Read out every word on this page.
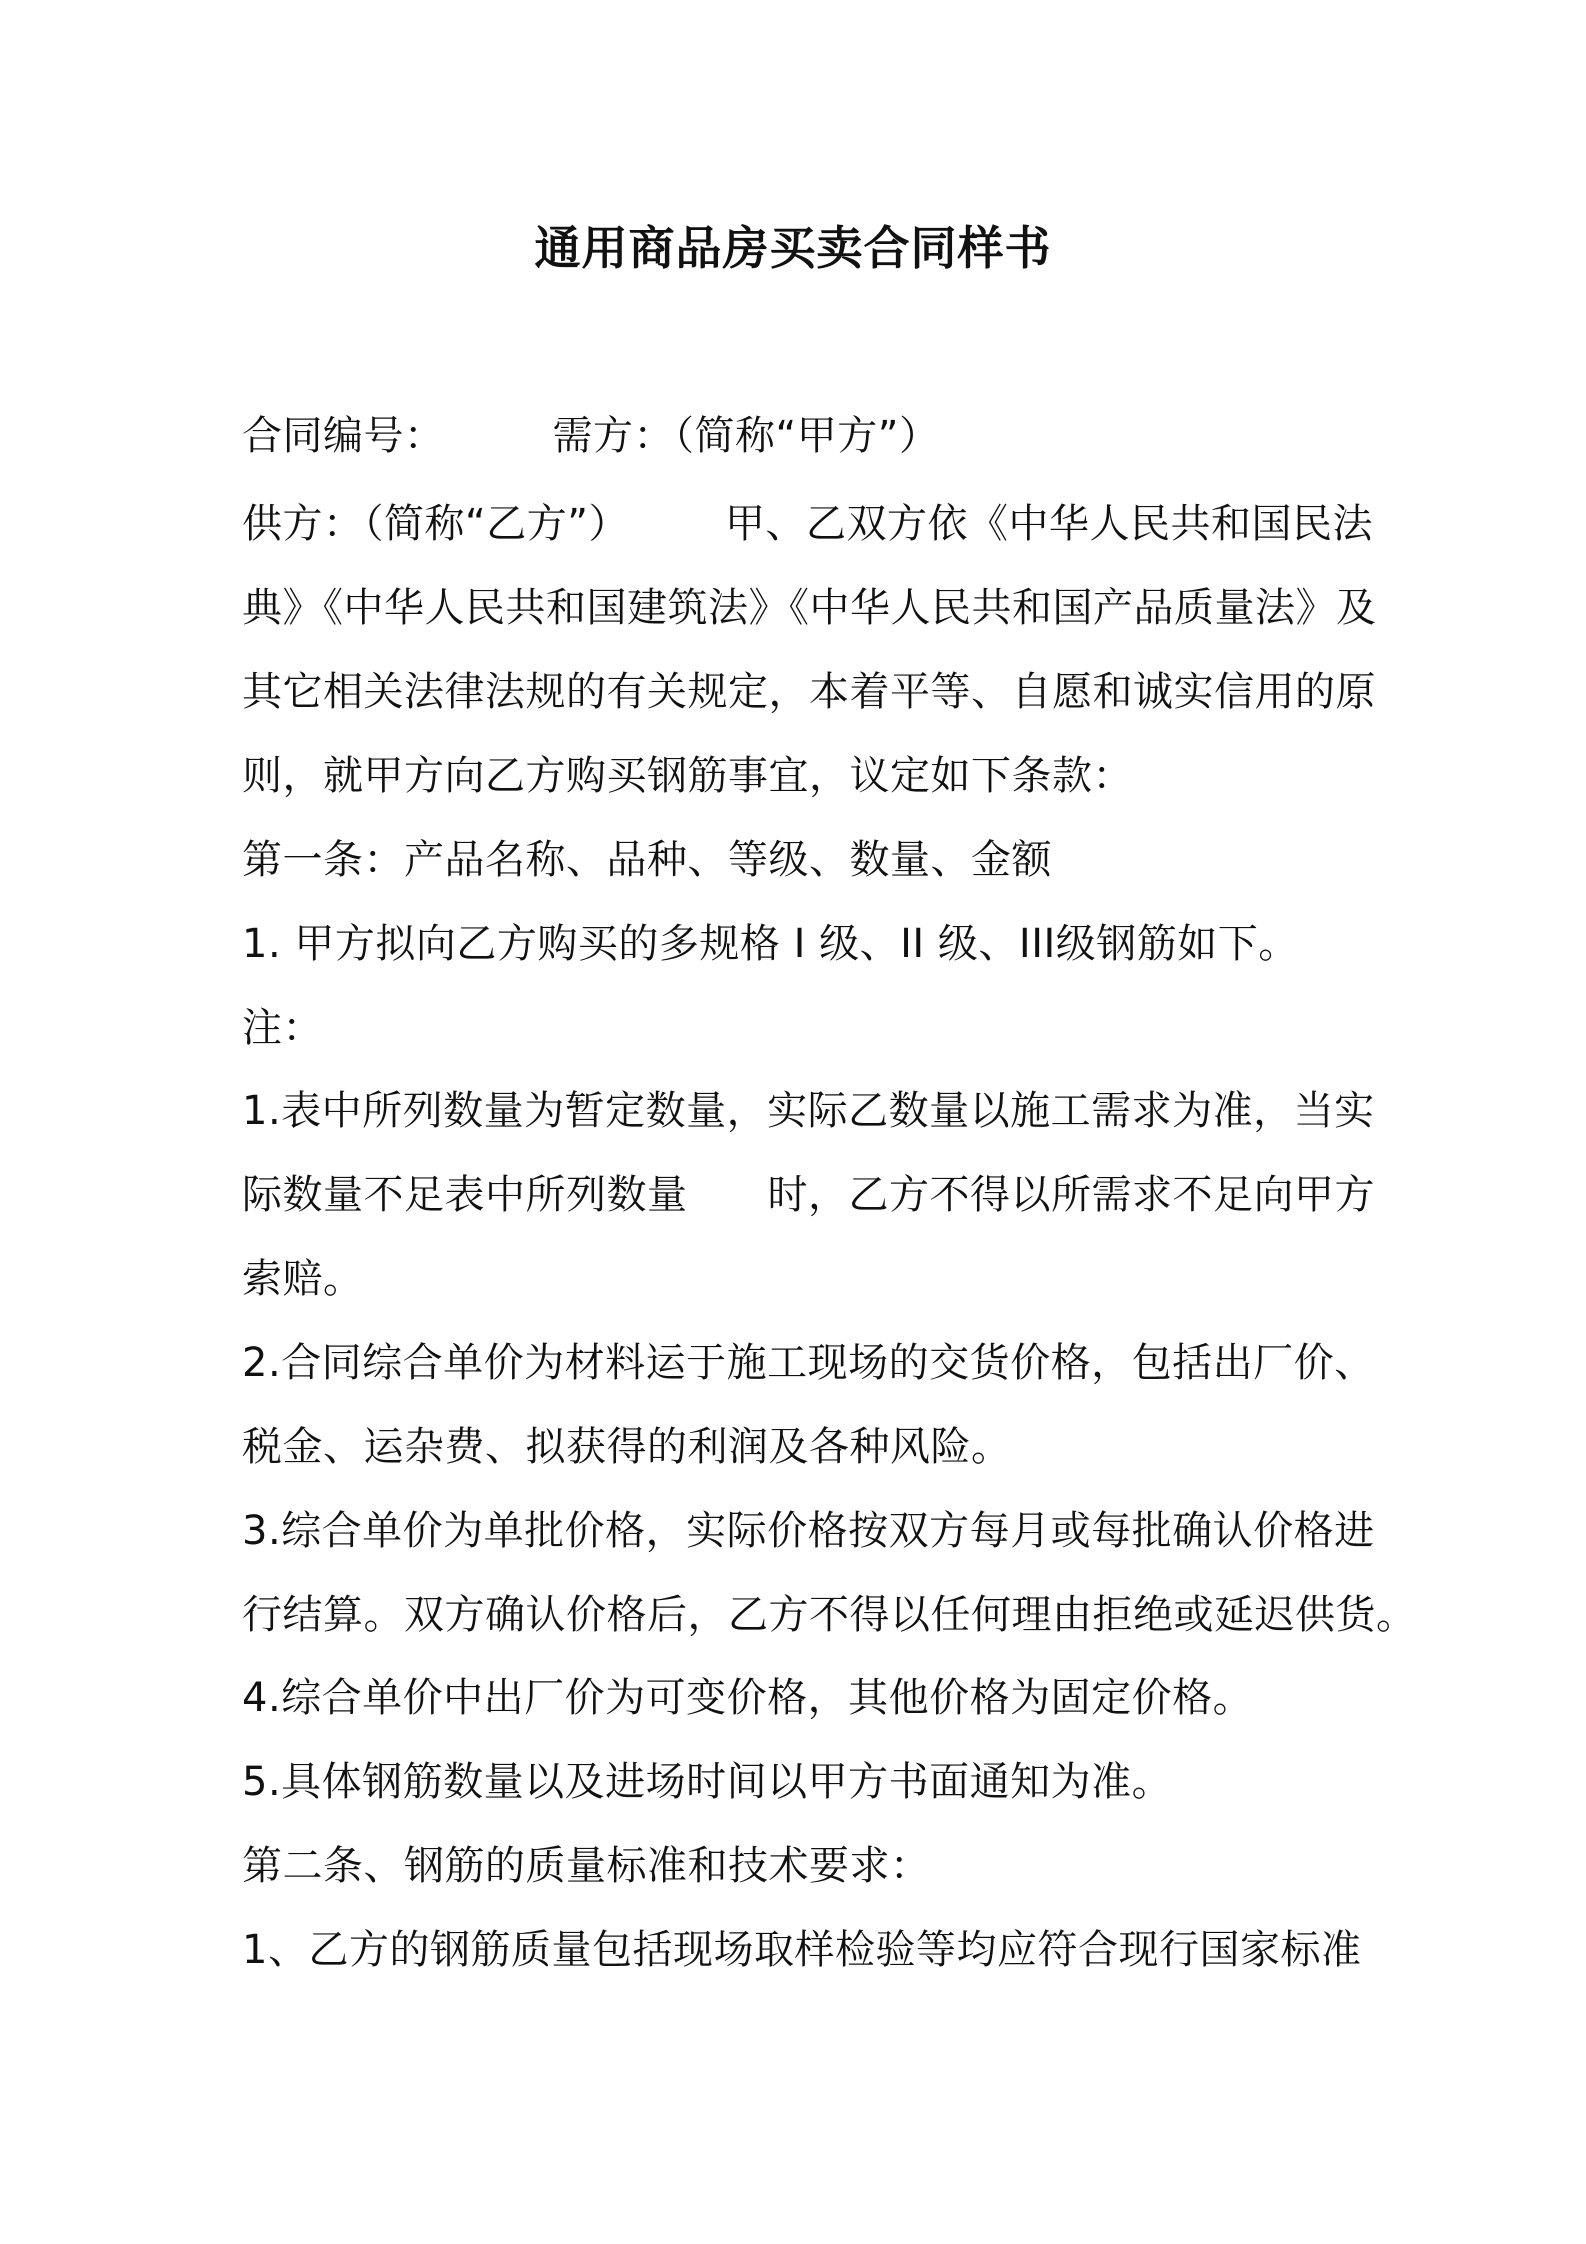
通用商品房买卖合同样书
合同编号：	需方：（简称“甲方”）
供方：（简称“乙方”） 甲、乙双方依《中华人民共和国民法
典》《中华人民共和国建筑法》《中华人民共和国产品质量法》及
其它相关法律法规的有关规定，本着平等、自愿和诚实信用的原
则，就甲方向乙方购买钢筋事宜，议定如下条款：
第一条：产品名称、品种、等级、数量、金额
1. 甲方拟向乙方购买的多规格 I 级、II 级、III级钢筋如下。
注：
1.表中所列数量为暂定数量，实际乙数量以施工需求为准，当实
际数量不足表中所列数量 时，乙方不得以所需求不足向甲方
索赔。
2.合同综合单价为材料运于施工现场的交货价格，包括出厂价、
税金、运杂费、拟获得的利润及各种风险。
3.综合单价为单批价格，实际价格按双方每月或每批确认价格进
行结算。双方确认价格后，乙方不得以任何理由拒绝或延迟供货。
4.综合单价中出厂价为可变价格，其他价格为固定价格。
5.具体钢筋数量以及进场时间以甲方书面通知为准。
第二条、钢筋的质量标准和技术要求：
1、乙方的钢筋质量包括现场取样检验等均应符合现行国家标准
